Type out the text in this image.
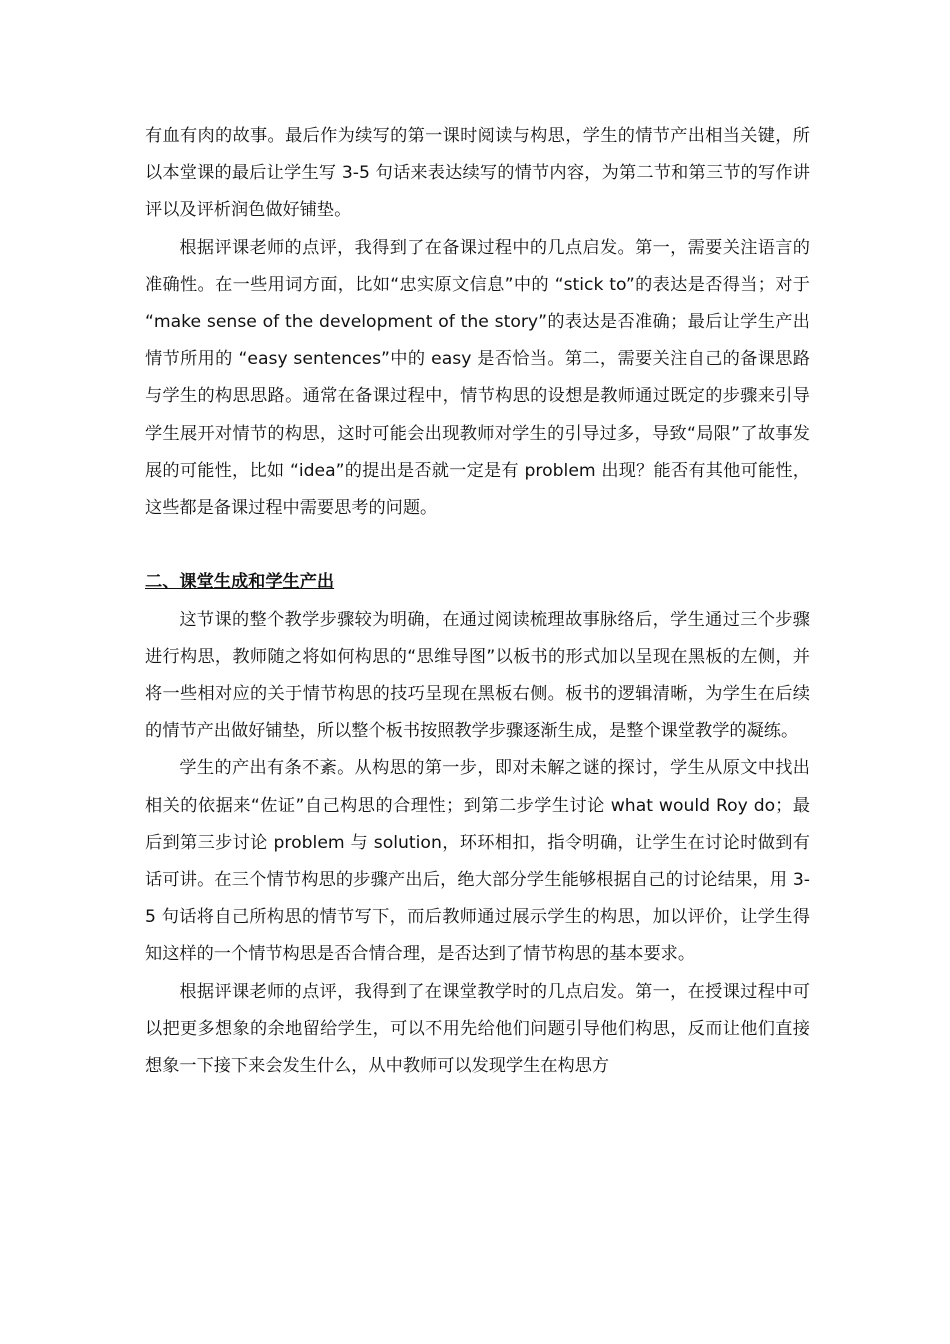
有血有肉的故事。最后作为续写的第一课时阅读与构思，学生的情节产出相当关键，所以本堂课的最后让学生写 3-5 句话来表达续写的情节内容，为第二节和第三节的写作讲评以及评析润色做好铺垫。

根据评课老师的点评，我得到了在备课过程中的几点启发。第一，需要关注语言的准确性。在一些用词方面，比如“忠实原文信息”中的 “stick to”的表达是否得当；对于 “make sense of the development of the story”的表达是否准确；最后让学生产出情节所用的 “easy sentences”中的 easy 是否恰当。第二，需要关注自己的备课思路与学生的构思思路。通常在备课过程中，情节构思的设想是教师通过既定的步骤来引导学生展开对情节的构思，这时可能会出现教师对学生的引导过多，导致“局限”了故事发展的可能性，比如 “idea”的提出是否就一定是有 problem 出现？能否有其他可能性，这些都是备课过程中需要思考的问题。

二、课堂生成和学生产出

这节课的整个教学步骤较为明确，在通过阅读梳理故事脉络后，学生通过三个步骤进行构思，教师随之将如何构思的“思维导图”以板书的形式加以呈现在黑板的左侧，并将一些相对应的关于情节构思的技巧呈现在黑板右侧。板书的逻辑清晰，为学生在后续的情节产出做好铺垫，所以整个板书按照教学步骤逐渐生成，是整个课堂教学的凝练。

学生的产出有条不紊。从构思的第一步，即对未解之谜的探讨，学生从原文中找出相关的依据来“佐证”自己构思的合理性；到第二步学生讨论 what would Roy do；最后到第三步讨论 problem 与 solution，环环相扣，指令明确，让学生在讨论时做到有话可讲。在三个情节构思的步骤产出后，绝大部分学生能够根据自己的讨论结果，用 3-5 句话将自己所构思的情节写下，而后教师通过展示学生的构思，加以评价，让学生得知这样的一个情节构思是否合情合理，是否达到了情节构思的基本要求。

根据评课老师的点评，我得到了在课堂教学时的几点启发。第一，在授课过程中可以把更多想象的余地留给学生，可以不用先给他们问题引导他们构思，反而让他们直接想象一下接下来会发生什么，从中教师可以发现学生在构思方
